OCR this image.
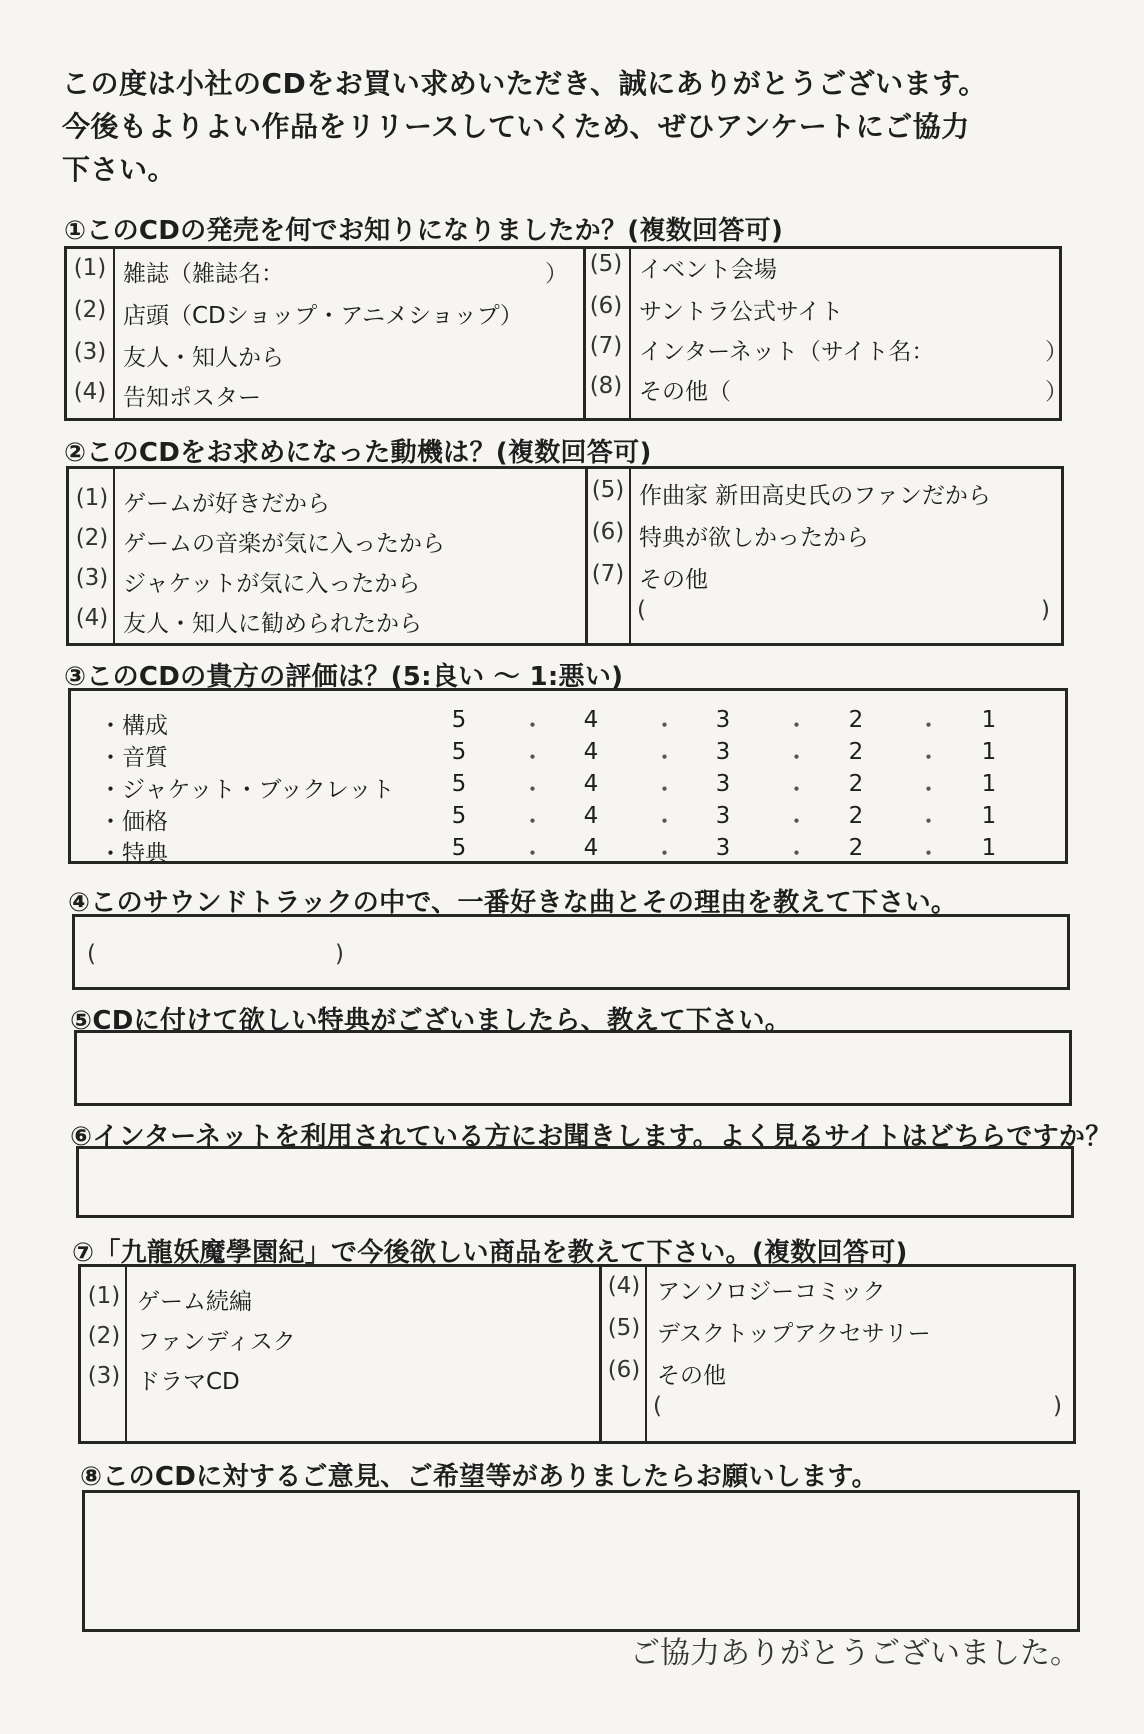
この度は小社のCDをお買い求めいただき、誠にありがとうございます。
今後もよりよい作品をリリースしていくため、ぜひアンケートにご協力
下さい。
①このCDの発売を何でお知りになりましたか？(複数回答可)
(1) 雑誌（雑誌名：	）
(2) 店頭（CDショップ・アニメショップ）
(3) 友人・知人から
(4) 告知ポスター
(5) イベント会場
(6) サントラ公式サイト
(7) インターネット（サイト名：	）
(8) その他（	）
②このCDをお求めになった動機は？(複数回答可)
(1) ゲームが好きだから
(2) ゲームの音楽が気に入ったから
(3) ジャケットが気に入ったから
(4) 友人・知人に勧められたから
(5) 作曲家 新田高史氏のファンだから
(6) 特典が欲しかったから
(7) その他
(	)
③このCDの貴方の評価は？(5:良い 〜 1:悪い)
・構成	5	・	4	・	3	・	2	・	1
・音質	5	・	4	・	3	・	2	・	1
・ジャケット・ブックレット	5	・	4	・	3	・	2	・	1
・価格	5	・	4	・	3	・	2	・	1
・特典	5	・	4	・	3	・	2	・	1
④このサウンドトラックの中で、一番好きな曲とその理由を教えて下さい。
(	)
⑤CDに付けて欲しい特典がございましたら、教えて下さい。
⑥インターネットを利用されている方にお聞きします。よく見るサイトはどちらですか？
⑦「九龍妖魔學園紀」で今後欲しい商品を教えて下さい。(複数回答可)
(1) ゲーム続編
(2) ファンディスク
(3) ドラマCD
(4) アンソロジーコミック
(5) デスクトップアクセサリー
(6) その他
(	)
⑧このCDに対するご意見、ご希望等がありましたらお願いします。
ご協力ありがとうございました。
